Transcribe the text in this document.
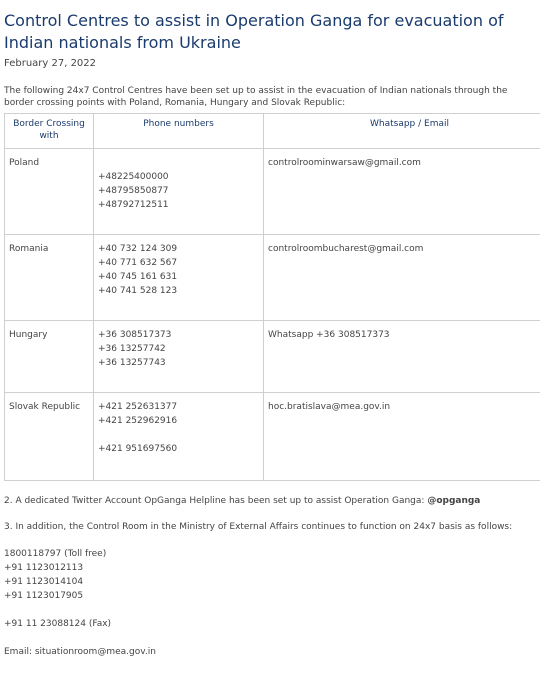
Control Centres to assist in Operation Ganga for evacuation of Indian nationals from Ukraine
February 27, 2022
The following 24x7 Control Centres have been set up to assist in the evacuation of Indian nationals through the border crossing points with Poland, Romania, Hungary and Slovak Republic:
Border Crossing with	Phone numbers	Whatsapp / Email
Poland	+48225400000
+48795850877
+48792712511	controlroominwarsaw@gmail.com
Romania	+40 732 124 309
+40 771 632 567
+40 745 161 631
+40 741 528 123	controlroombucharest@gmail.com
Hungary	+36 308517373
+36 13257742
+36 13257743	Whatsapp +36 308517373
Slovak Republic	+421 252631377
+421 252962916
+421 951697560	hoc.bratislava@mea.gov.in
2. A dedicated Twitter Account OpGanga Helpline has been set up to assist Operation Ganga: @opganga
3. In addition, the Control Room in the Ministry of External Affairs continues to function on 24x7 basis as follows:
1800118797 (Toll free)
+91 1123012113
+91 1123014104
+91 1123017905
+91 11 23088124 (Fax)
Email: situationroom@mea.gov.in
